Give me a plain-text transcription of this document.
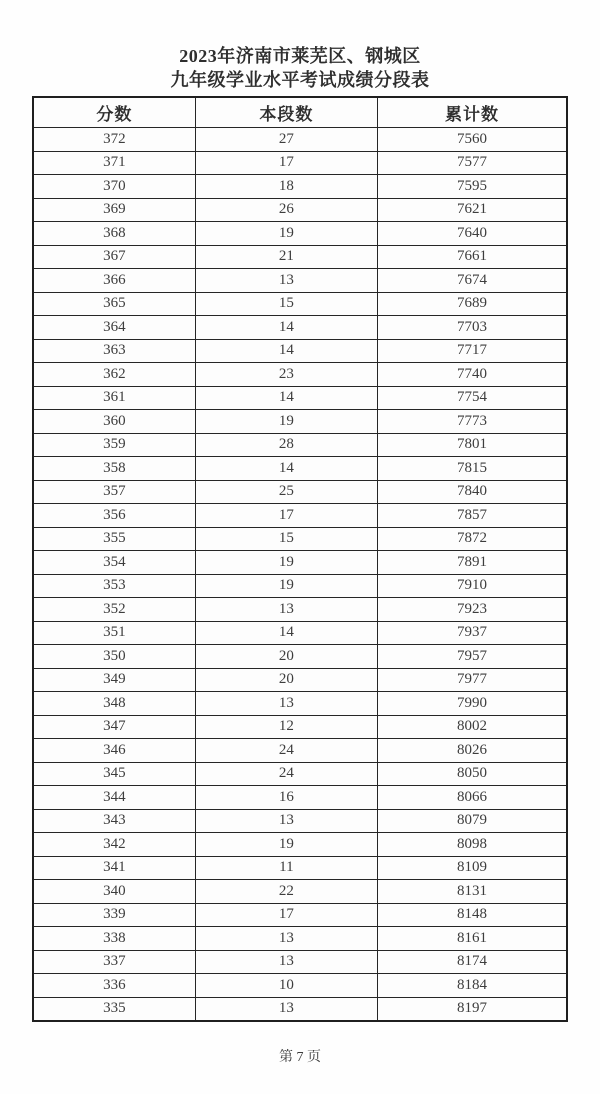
2023年济南市莱芜区、钢城区
九年级学业水平考试成绩分段表
分数	本段数	累计数
372	27	7560
371	17	7577
370	18	7595
369	26	7621
368	19	7640
367	21	7661
366	13	7674
365	15	7689
364	14	7703
363	14	7717
362	23	7740
361	14	7754
360	19	7773
359	28	7801
358	14	7815
357	25	7840
356	17	7857
355	15	7872
354	19	7891
353	19	7910
352	13	7923
351	14	7937
350	20	7957
349	20	7977
348	13	7990
347	12	8002
346	24	8026
345	24	8050
344	16	8066
343	13	8079
342	19	8098
341	11	8109
340	22	8131
339	17	8148
338	13	8161
337	13	8174
336	10	8184
335	13	8197
第 7 页
